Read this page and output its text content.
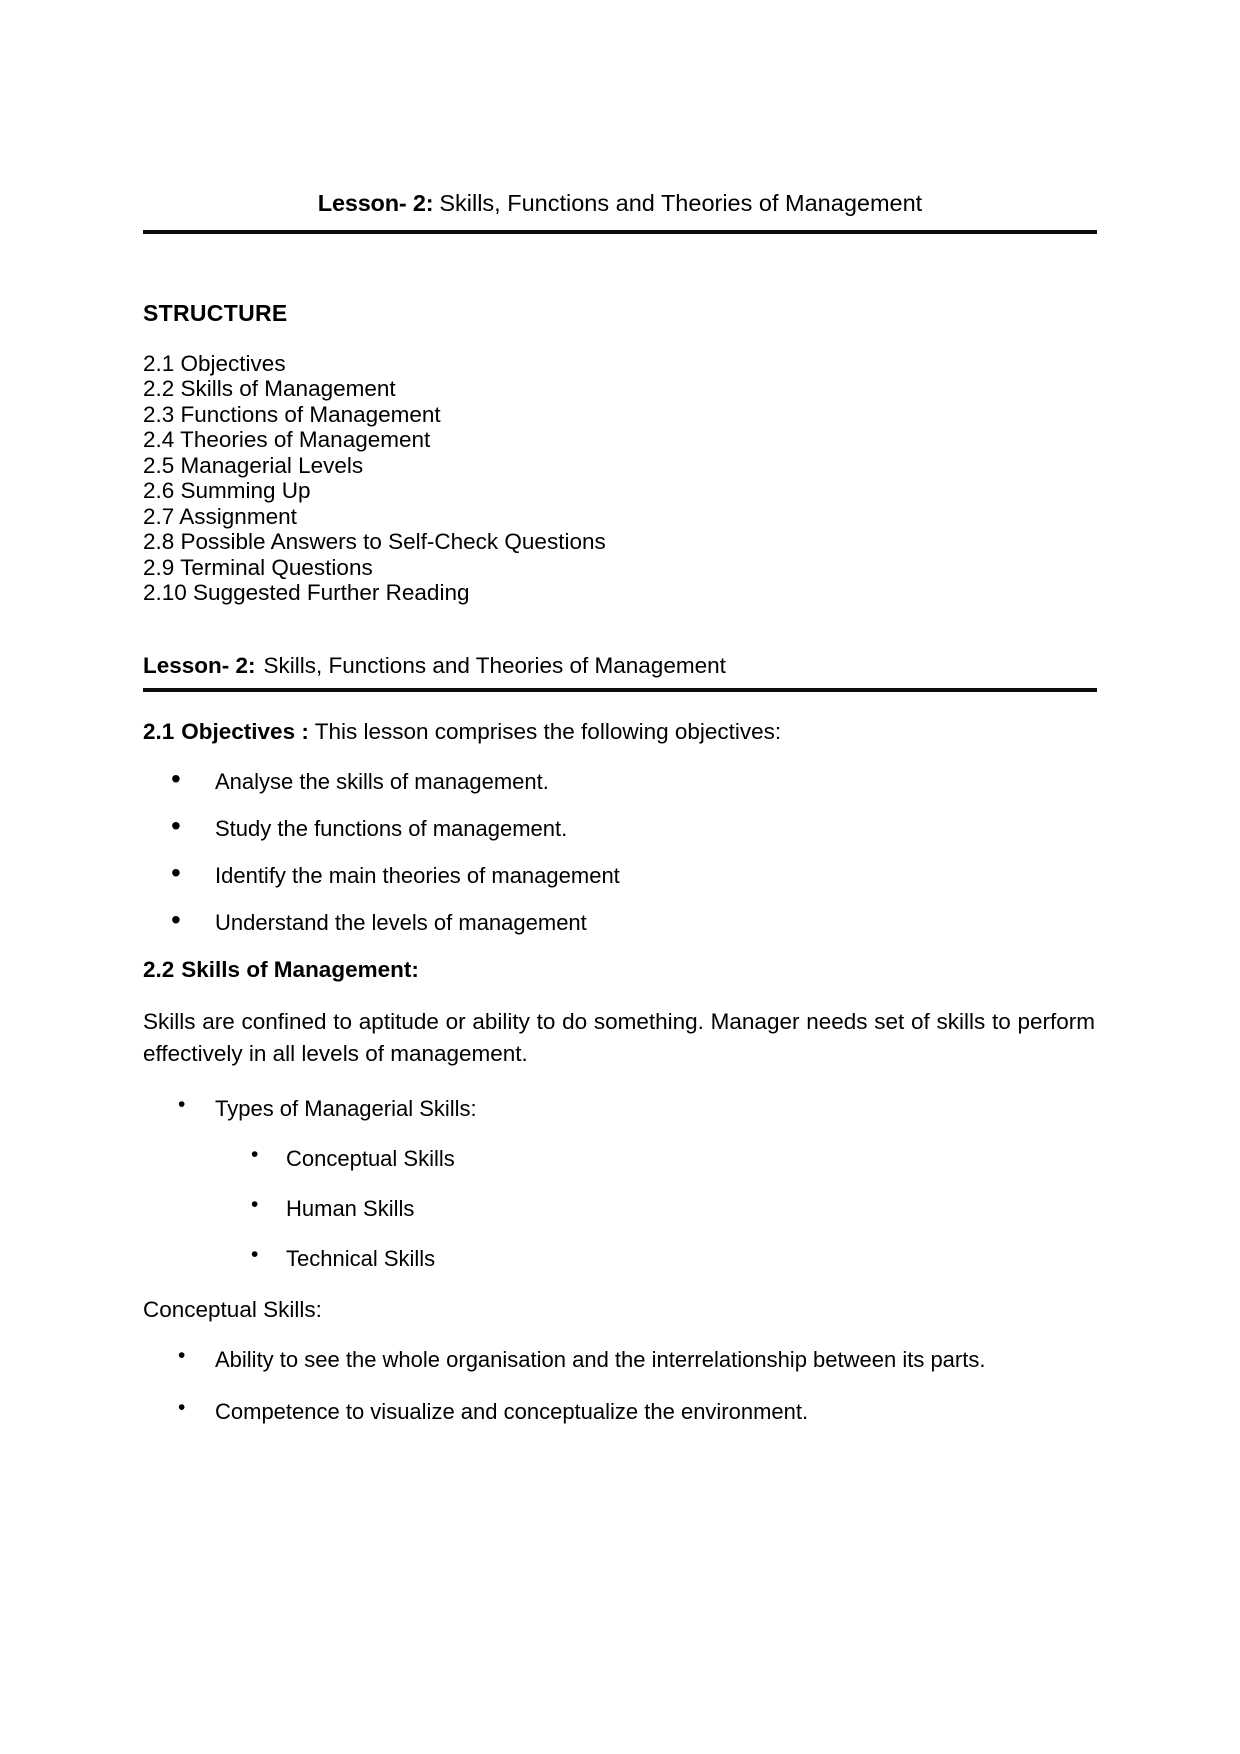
Lesson- 2: Skills, Functions and Theories of Management
STRUCTURE
2.1 Objectives
2.2 Skills of Management
2.3 Functions of Management
2.4 Theories of Management
2.5 Managerial Levels
2.6 Summing Up
2.7 Assignment
2.8 Possible Answers to Self-Check Questions
2.9 Terminal Questions
2.10 Suggested Further Reading
Lesson- 2: Skills, Functions and Theories of Management
2.1 Objectives : This lesson comprises the following objectives:
• Analyse the skills of management.
• Study the functions of management.
• Identify the main theories of management
• Understand the levels of management
2.2 Skills of Management:

Skills are confined to aptitude or ability to do something. Manager needs set of skills to perform effectively in all levels of management.

• Types of Managerial Skills:
• Conceptual Skills
• Human Skills
• Technical Skills
Conceptual Skills:
• Ability to see the whole organisation and the interrelationship between its parts.
• Competence to visualize and conceptualize the environment.
